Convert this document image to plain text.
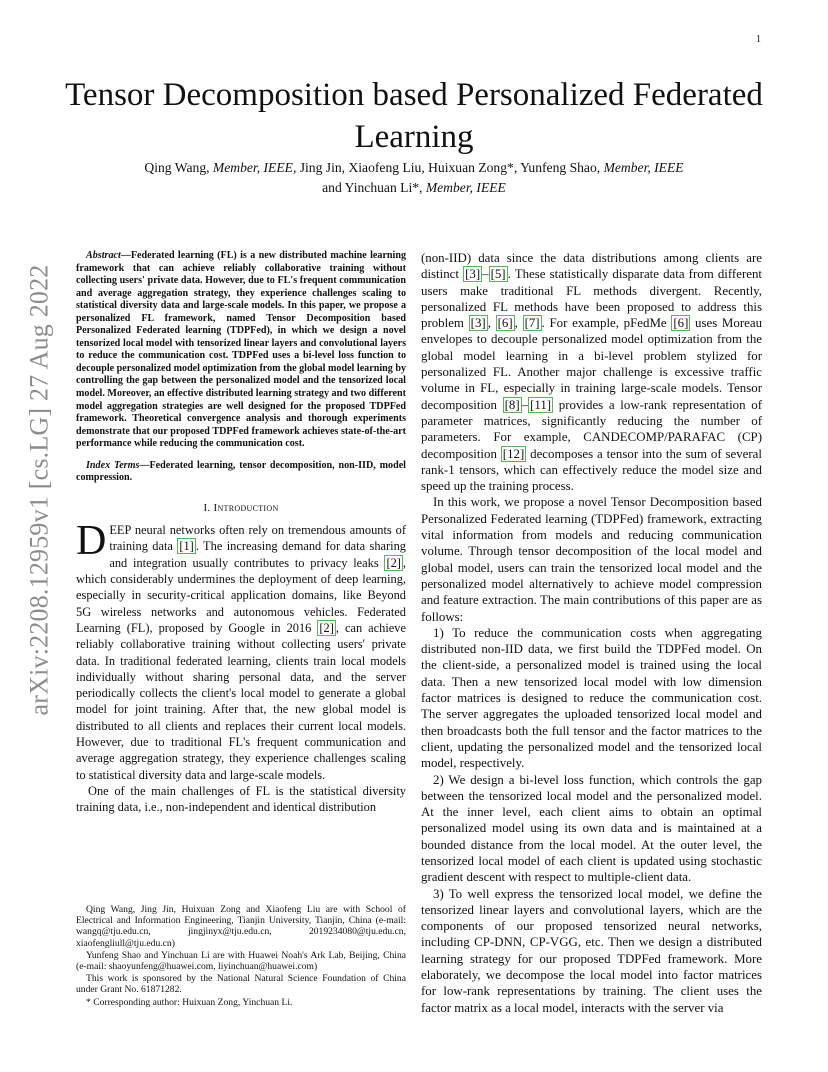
1
arXiv:2208.12959v1 [cs.LG] 27 Aug 2022
Tensor Decomposition based Personalized Federated Learning
Qing Wang, Member, IEEE, Jing Jin, Xiaofeng Liu, Huixuan Zong*, Yunfeng Shao, Member, IEEE
and Yinchuan Li*, Member, IEEE

Abstract—Federated learning (FL) is a new distributed machine learning framework that can achieve reliably collaborative training without collecting users' private data. However, due to FL's frequent communication and average aggregation strategy, they experience challenges scaling to statistical diversity data and large-scale models. In this paper, we propose a personalized FL framework, named Tensor Decomposition based Personalized Federated learning (TDPFed), in which we design a novel tensorized local model with tensorized linear layers and convolutional layers to reduce the communication cost. TDPFed uses a bi-level loss function to decouple personalized model optimization from the global model learning by controlling the gap between the personalized model and the tensorized local model. Moreover, an effective distributed learning strategy and two different model aggregation strategies are well designed for the proposed TDPFed framework. Theoretical convergence analysis and thorough experiments demonstrate that our proposed TDPFed framework achieves state-of-the-art performance while reducing the communication cost.

Index Terms—Federated learning, tensor decomposition, non-IID, model compression.

I. Introduction

DEEP neural networks often rely on tremendous amounts of training data [1] . The increasing demand for data sharing and integration usually contributes to privacy leaks [2] , which considerably undermines the deployment of deep learning, especially in security-critical application domains, like Beyond 5G wireless networks and autonomous vehicles. Federated Learning (FL), proposed by Google in 2016 [2] , can achieve reliably collaborative training without collecting users' private data. In traditional federated learning, clients train local models individually without sharing personal data, and the server periodically collects the client's local model to generate a global model for joint training. After that, the new global model is distributed to all clients and replaces their current local models. However, due to traditional FL's frequent communication and average aggregation strategy, they experience challenges scaling to statistical diversity data and large-scale models.

One of the main challenges of FL is the statistical diversity training data, i.e., non-independent and identical distribution

Qing Wang, Jing Jin, Huixuan Zong and Xiaofeng Liu are with School of Electrical and Information Engineering, Tianjin University, Tianjin, China (e-mail: wangq@tju.edu.cn, jingjinyx@tju.edu.cn, 2019234080@tju.edu.cn, xiaofengliull@tju.edu.cn)

Yunfeng Shao and Yinchuan Li are with Huawei Noah's Ark Lab, Beijing, China (e-mail: shaoyunfeng@huawei.com, liyinchuan@huawei.com)

This work is sponsored by the National Natural Science Foundation of China under Grant No. 61871282.

* Corresponding author: Huixuan Zong, Yinchuan Li.

(non-IID) data since the data distributions among clients are distinct [3] – [5] . These statistically disparate data from different users make traditional FL methods divergent. Recently, personalized FL methods have been proposed to address this problem [3] , [6] , [7] . For example, pFedMe [6] uses Moreau envelopes to decouple personalized model optimization from the global model learning in a bi-level problem stylized for personalized FL. Another major challenge is excessive traffic volume in FL, especially in training large-scale models. Tensor decomposition [8] – [11] provides a low-rank representation of parameter matrices, significantly reducing the number of parameters. For example, CANDECOMP/PARAFAC (CP) decomposition [12] decomposes a tensor into the sum of several rank-1 tensors, which can effectively reduce the model size and speed up the training process.

In this work, we propose a novel Tensor Decomposition based Personalized Federated learning (TDPFed) framework, extracting vital information from models and reducing communication volume. Through tensor decomposition of the local model and global model, users can train the tensorized local model and the personalized model alternatively to achieve model compression and feature extraction. The main contributions of this paper are as follows:

1) To reduce the communication costs when aggregating distributed non-IID data, we first build the TDPFed model. On the client-side, a personalized model is trained using the local data. Then a new tensorized local model with low dimension factor matrices is designed to reduce the communication cost. The server aggregates the uploaded tensorized local model and then broadcasts both the full tensor and the factor matrices to the client, updating the personalized model and the tensorized local model, respectively.

2) We design a bi-level loss function, which controls the gap between the tensorized local model and the personalized model. At the inner level, each client aims to obtain an optimal personalized model using its own data and is maintained at a bounded distance from the local model. At the outer level, the tensorized local model of each client is updated using stochastic gradient descent with respect to multiple-client data.

3) To well express the tensorized local model, we define the tensorized linear layers and convolutional layers, which are the components of our proposed tensorized neural networks, including CP-DNN, CP-VGG, etc. Then we design a distributed learning strategy for our proposed TDPFed framework. More elaborately, we decompose the local model into factor matrices for low-rank representations by training. The client uses the factor matrix as a local model, interacts with the server via
